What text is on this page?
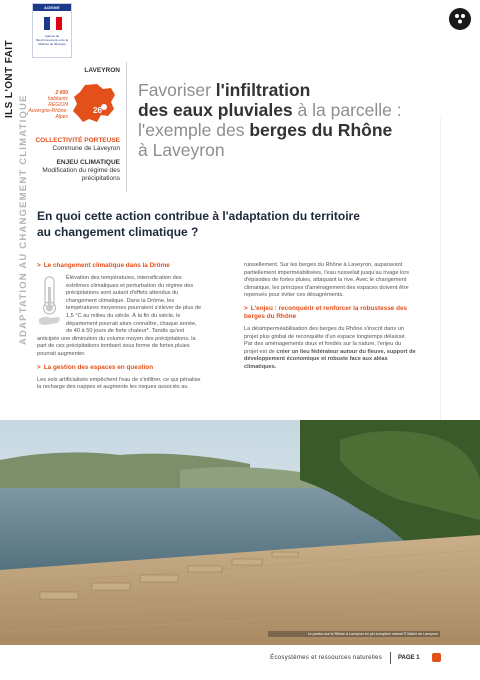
ADEME
Agence de l'Environnement et de la Maîtrise de l'Énergie
ILS L'ONT FAIT
ADAPTATION AU CHANGEMENT CLIMATIQUE
LAVEYRON
2 000
habitants
RÉGION
Auvergne-Rhône-Alpes
26
COLLECTIVITÉ PORTEUSE
Commune de Laveyron
ENJEU CLIMATIQUE
Modification du régime des
précipitations
Favoriser l'infiltration
des eaux pluviales à la parcelle :
l'exemple des berges du Rhône
à Laveyron
En quoi cette action contribue à l'adaptation du territoire
au changement climatique ?
> Le changement climatique dans la Drôme
Élévation des températures, intensification des extrêmes climatiques et perturbation du régime des précipitations sont autant d'effets attendus du changement climatique. Dans la Drôme, les températures moyennes pourraient s'élever de plus de 1,5 °C au milieu du siècle. À la fin du siècle, le département pourrait alors connaître, chaque année, de 40 à 50 jours de forte chaleur*. Tandis qu'est anticipée une diminution du volume moyen des précipitations, la part de ces précipitations tombant sous forme de fortes pluies pourrait augmenter.
> La gestion des espaces en question
Les sols artificialisés empêchent l'eau de s'infiltrer, ce qui pénalise la recharge des nappes et augmente les risques associés au
ruissellement. Sur les berges du Rhône à Laveyron, auparavant partiellement imperméabilisées, l'eau ruisselait jusqu'au rivage lors d'épisodes de fortes pluies, attaquant la rive. Avec le changement climatique, les principes d'aménagement des espaces doivent être repensés pour éviter ces désagréments.
> L'enjeu : reconquérir et renforcer la robustesse des berges du Rhône
La désimperméabilisation des berges du Rhône s'inscrit dans un projet plus global de reconquête d'un espace longtemps délaissé. Par des aménagements doux et fondés sur la nature, l'enjeu du projet est de créer un lieu fédérateur autour du fleuve, support de développement économique et robuste face aux aléas climatiques.
Le ponton sur le Rhône à Laveyron en pin européen naturel © Mairie de Laveyron
Écosystèmes et ressources naturelles	PAGE 1
